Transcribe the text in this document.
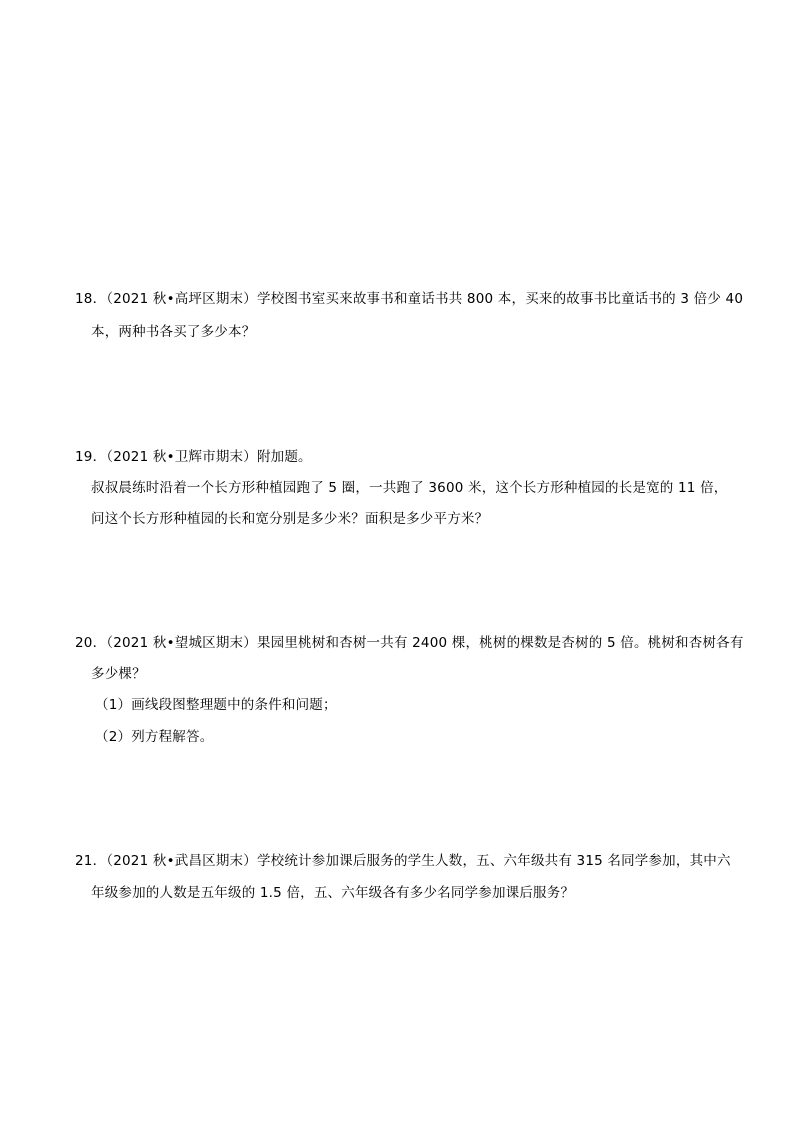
18．（2021 秋•高坪区期末）学校图书室买来故事书和童话书共 800 本，买来的故事书比童话书的 3 倍少 40
本，两种书各买了多少本？
19．（2021 秋•卫辉市期末）附加题。
叔叔晨练时沿着一个长方形种植园跑了 5 圈，一共跑了 3600 米，这个长方形种植园的长是宽的 11 倍，
问这个长方形种植园的长和宽分别是多少米？面积是多少平方米？
20．（2021 秋•望城区期末）果园里桃树和杏树一共有 2400 棵，桃树的棵数是杏树的 5 倍。桃树和杏树各有
多少棵？
（1）画线段图整理题中的条件和问题；
（2）列方程解答。
21．（2021 秋•武昌区期末）学校统计参加课后服务的学生人数，五、六年级共有 315 名同学参加，其中六
年级参加的人数是五年级的 1.5 倍，五、六年级各有多少名同学参加课后服务？
